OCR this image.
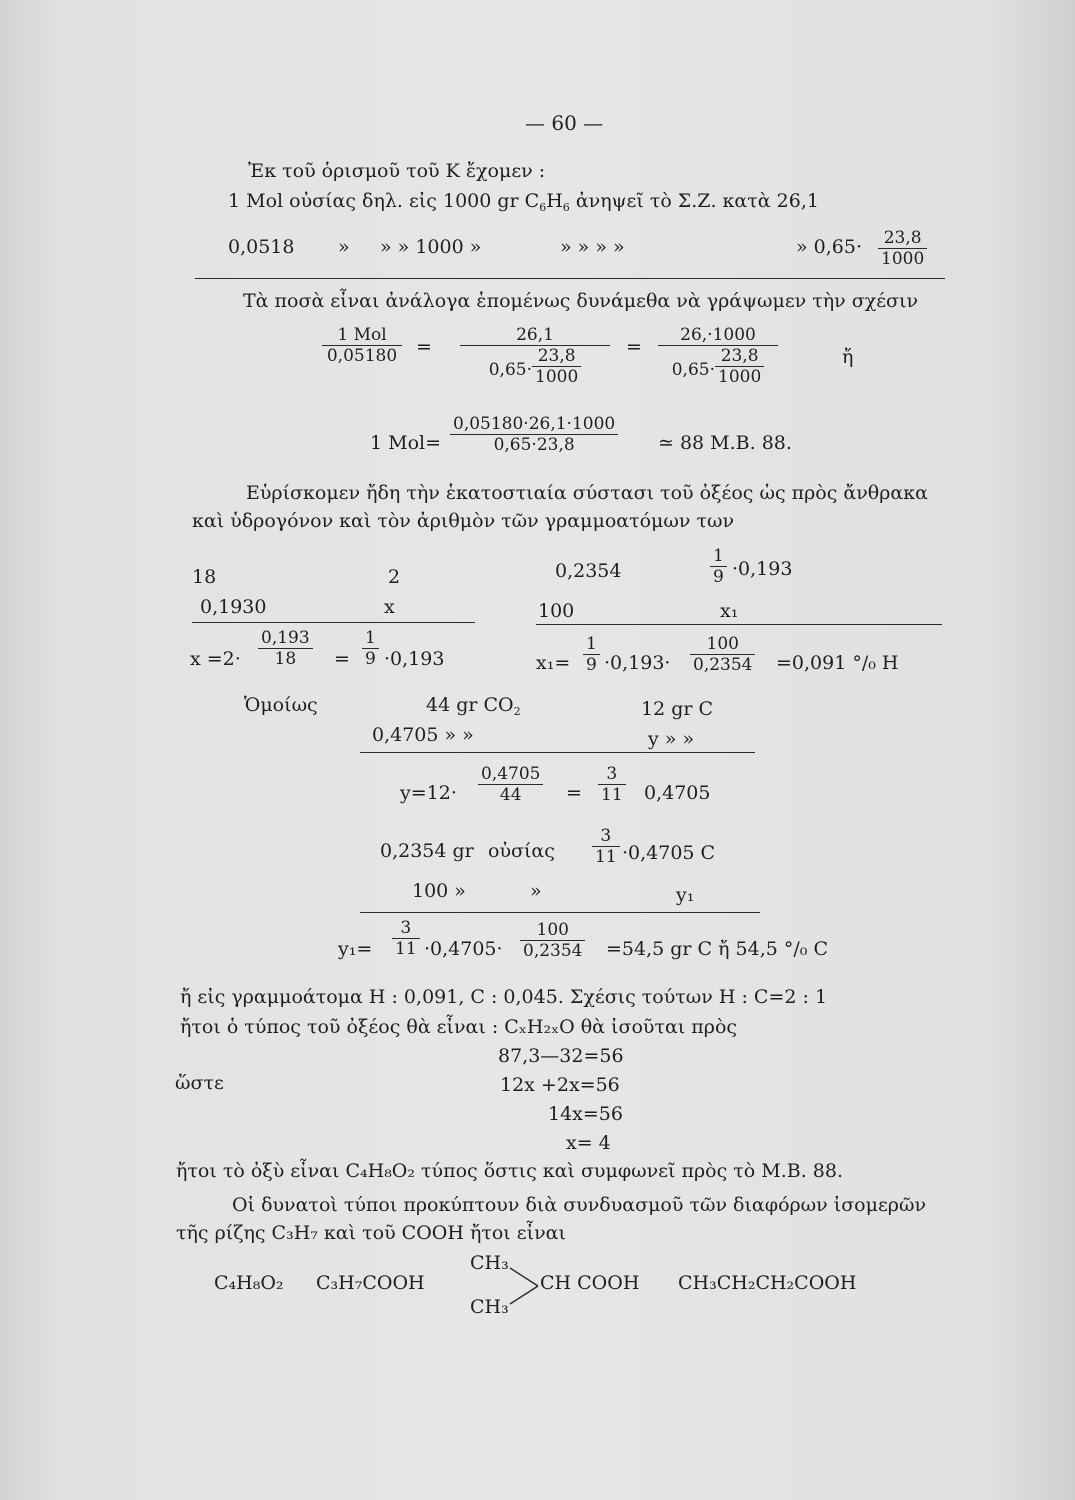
— 60 —
Ἐκ τοῦ ὁρισμοῦ τοῦ K ἔχομεν :
1 Mol οὐσίας δηλ. εἰς 1000 gr $C_6H_6$ ἀνηψεῖ τὸ Σ.Ζ. κατὰ 26,1
0,0518 » » » 1000 »	» » » »	» $0,65\cdot \frac{23,8}{1000}$
Τὰ ποσὰ εἶναι ἀνάλογα ἑπομένως δυνάμεθα νὰ γράψωμεν τὴν σχέσιν
1 Mol
$0,05180 = \frac{26,1}{0,65\cdot \frac{23,8}{1000}} = \frac{26,\cdot 1000}{0,65\cdot \frac{23,8}{1000}}$	ἤ
1 $Mol= \frac{0,05180\cdot 26,1\cdot 1000}{0,65\cdot 23,8}$ ≃ 88 Μ.Β. 88.
Εὑρίσκομεν ἤδη τὴν ἑκατοστιαία σύστασι τοῦ ὀξέος ὡς πρὸς ἄνθρακα
καὶ ὑδρογόνον καὶ τὸν ἀριθμὸν τῶν γραμμοατόμων των
18	2
0,1930	x
$x =2\cdot \frac{0,193}{18} = \frac{1}{9} \cdot 0,193$
0,2354	$\frac{1}{9} \cdot 0,193$
100	x₁
$x_1= \frac{1}{9} \cdot 0,193\cdot \frac{100}{0,2354} =0,091$ °/₀ H
Ὁμοίως	44 gr $CO_2$	12 gr C
0,4705 » »	y » »
$y=12\cdot \frac{0,4705}{44} = \frac{3}{11} 0,4705$
0,2354 gr οὐσίας $\frac{3}{11} \cdot 0,4705$ C
100 »	»	y₁
$y_1= \frac{3}{11} \cdot 0,4705\cdot \frac{100}{0,2354} =54,5$ gr C ἤ 54,5 °/₀ C
ἤ εἰς γραμμοάτομα H : 0,091, C : 0,045. Σχέσις τούτων H : C=2 : 1
ἤτοι ὁ τύπος τοῦ ὀξέος θὰ εἶναι : CₓH₂ₓO θὰ ἰσοῦται πρὸς
87,3—32=56
ὥστε	12x +2x=56
14x=56
x= 4
ἤτοι τὸ ὀξὺ εἶναι C₄H₈O₂ τύπος ὅστις καὶ συμφωνεῖ πρὸς τὸ Μ.Β. 88.
Οἱ δυνατοὶ τύποι προκύπτουν διὰ συνδυασμοῦ τῶν διαφόρων ἰσομερῶν
τῆς ρίζης C₃H₇ καὶ τοῦ COOH ἤτοι εἶναι
C₄H₈O₂ C₃H₇COOH
CH₃
CH₃
CH COOH CH₃CH₂CH₂COOH
